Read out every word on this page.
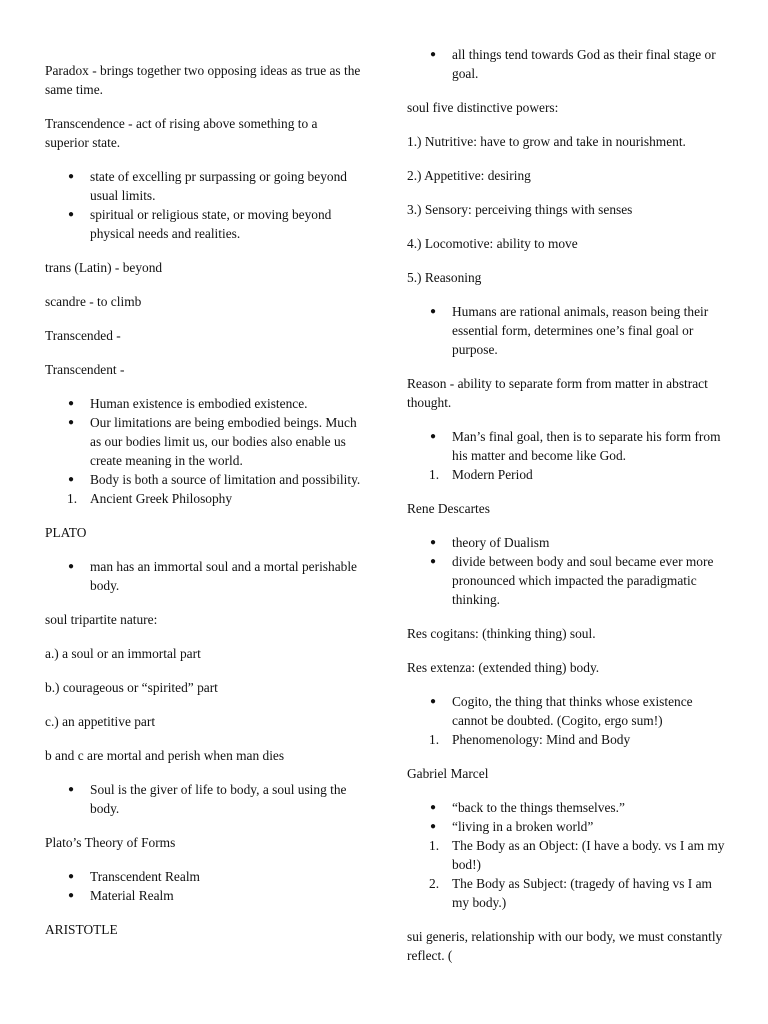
Paradox - brings together two opposing ideas as true as the same time.

Transcendence - act of rising above something to a superior state.

●	state of excelling pr surpassing or going beyond usual limits.
●	spiritual or religious state, or moving beyond physical needs and realities.

trans (Latin) - beyond

scandre - to climb

Transcended -

Transcendent -

●	Human existence is embodied existence.
●	Our limitations are being embodied beings. Much as our bodies limit us, our bodies also enable us create meaning in the world.
●	Body is both a source of limitation and possibility.
1. Ancient Greek Philosophy

PLATO

●	man has an immortal soul and a mortal perishable body.

soul tripartite nature:

a.) a soul or an immortal part

b.) courageous or “spirited” part

c.) an appetitive part

b and c are mortal and perish when man dies

●	Soul is the giver of life to body, a soul using the body.

Plato’s Theory of Forms

●	Transcendent Realm
●	Material Realm

ARISTOTLE

●	all things tend towards God as their final stage or goal.

soul five distinctive powers:

1.) Nutritive: have to grow and take in nourishment.

2.) Appetitive: desiring

3.) Sensory: perceiving things with senses

4.) Locomotive: ability to move

5.) Reasoning

●	Humans are rational animals, reason being their essential form, determines one’s final goal or purpose.

Reason - ability to separate form from matter in abstract thought.

●	Man’s final goal, then is to separate his form from his matter and become like God.
1. Modern Period

Rene Descartes

●	theory of Dualism
●	divide between body and soul became ever more pronounced which impacted the paradigmatic thinking.

Res cogitans: (thinking thing) soul.

Res extenza: (extended thing) body.

●	Cogito, the thing that thinks whose existence cannot be doubted. (Cogito, ergo sum!)
1. Phenomenology: Mind and Body

Gabriel Marcel

●	“back to the things themselves.”
●	“living in a broken world”
1. The Body as an Object: (I have a body. vs I am my bod!)
2. The Body as Subject: (tragedy of having vs I am my body.)

sui generis, relationship with our body, we must constantly reflect. (
